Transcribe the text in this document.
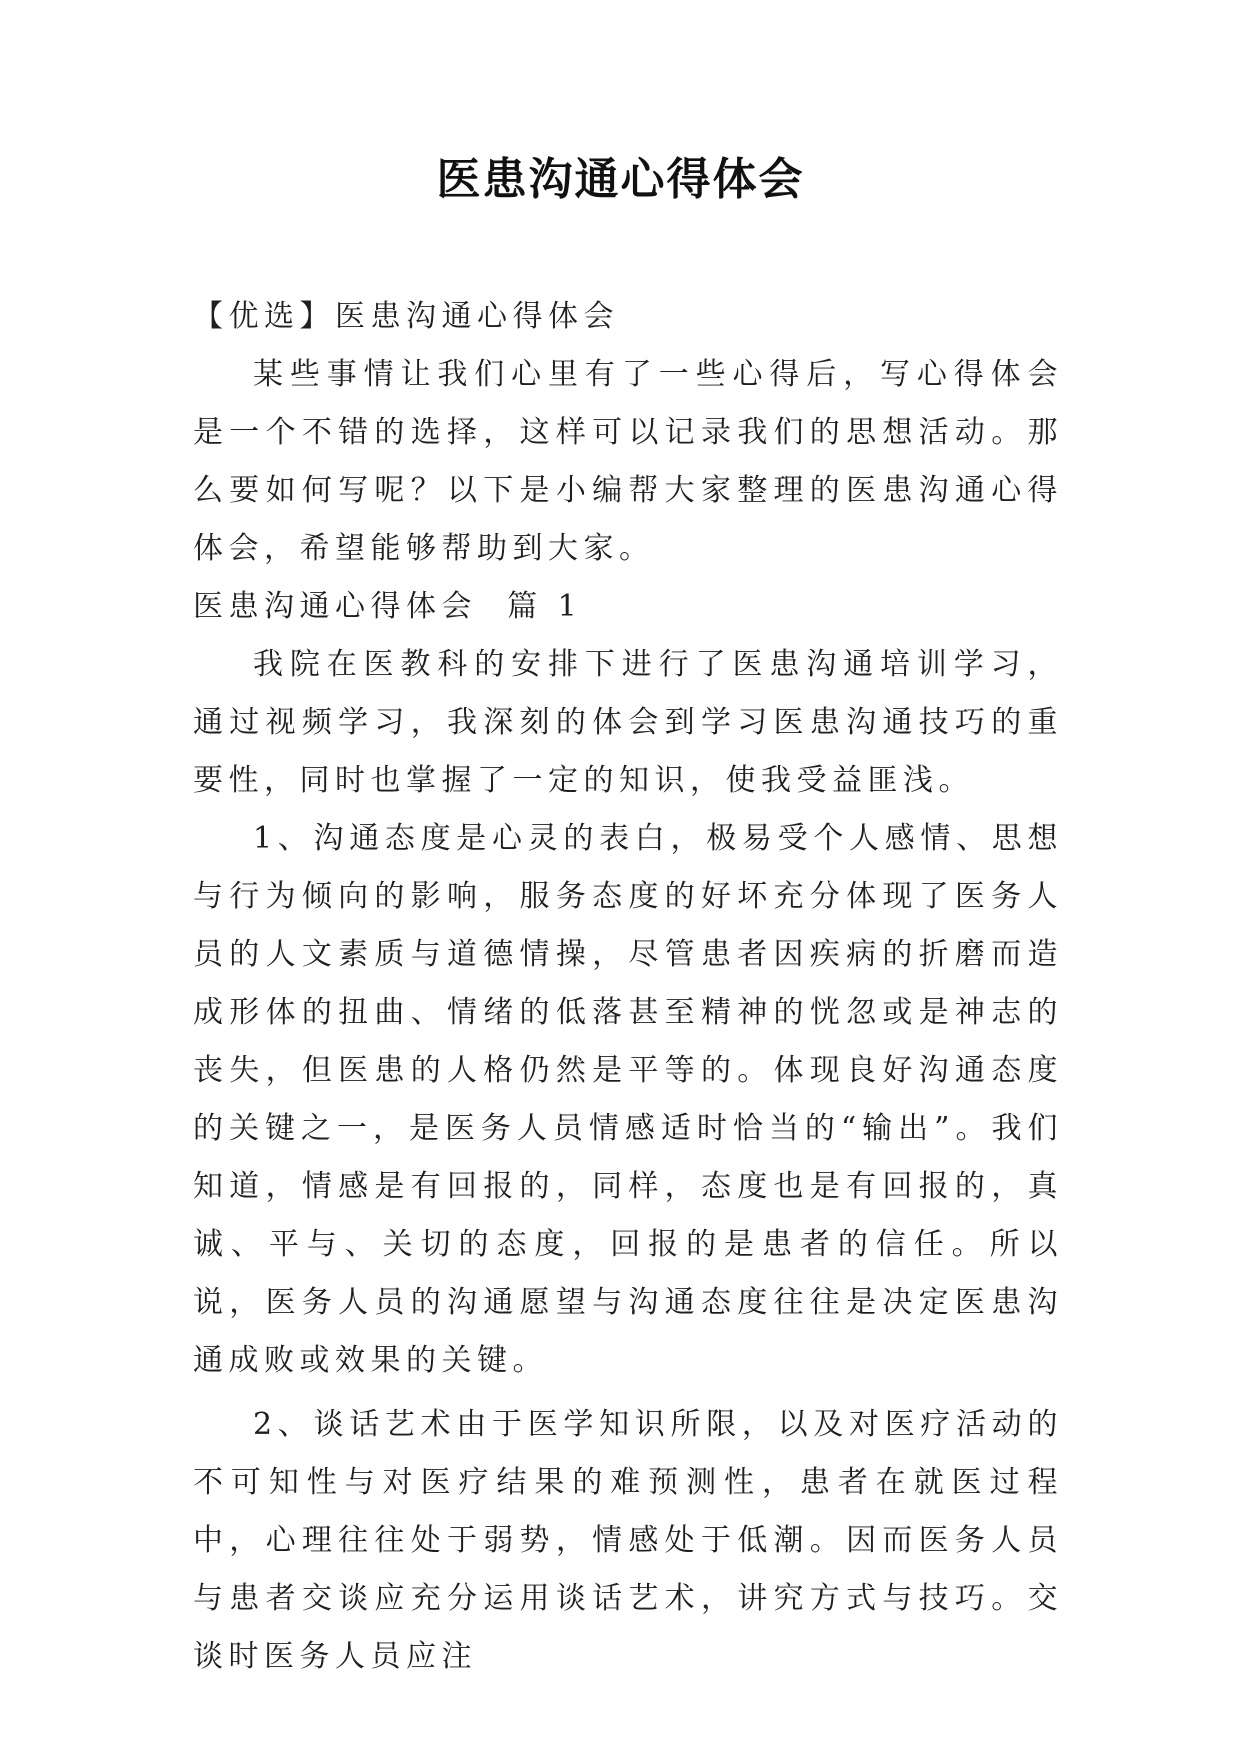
医患沟通心得体会

【优选】医患沟通心得体会

某些事情让我们心里有了一些心得后，写心得体会是一个不错的选择，这样可以记录我们的思想活动。那么要如何写呢？以下是小编帮大家整理的医患沟通心得体会，希望能够帮助到大家。

医患沟通心得体会  篇 1

我院在医教科的安排下进行了医患沟通培训学习，通过视频学习，我深刻的体会到学习医患沟通技巧的重要性，同时也掌握了一定的知识，使我受益匪浅。

1、沟通态度是心灵的表白，极易受个人感情、思想与行为倾向的影响，服务态度的好坏充分体现了医务人员的人文素质与道德情操，尽管患者因疾病的折磨而造成形体的扭曲、情绪的低落甚至精神的恍忽或是神志的丧失，但医患的人格仍然是平等的。体现良好沟通态度的关键之一，是医务人员情感适时恰当的“输出”。我们知道，情感是有回报的，同样，态度也是有回报的，真诚、平与、关切的态度，回报的是患者的信任。所以说，医务人员的沟通愿望与沟通态度往往是决定医患沟通成败或效果的关键。

2、谈话艺术由于医学知识所限，以及对医疗活动的不可知性与对医疗结果的难预测性，患者在就医过程中，心理往往处于弱势，情感处于低潮。因而医务人员与患者交谈应充分运用谈话艺术，讲究方式与技巧。交谈时医务人员应注
